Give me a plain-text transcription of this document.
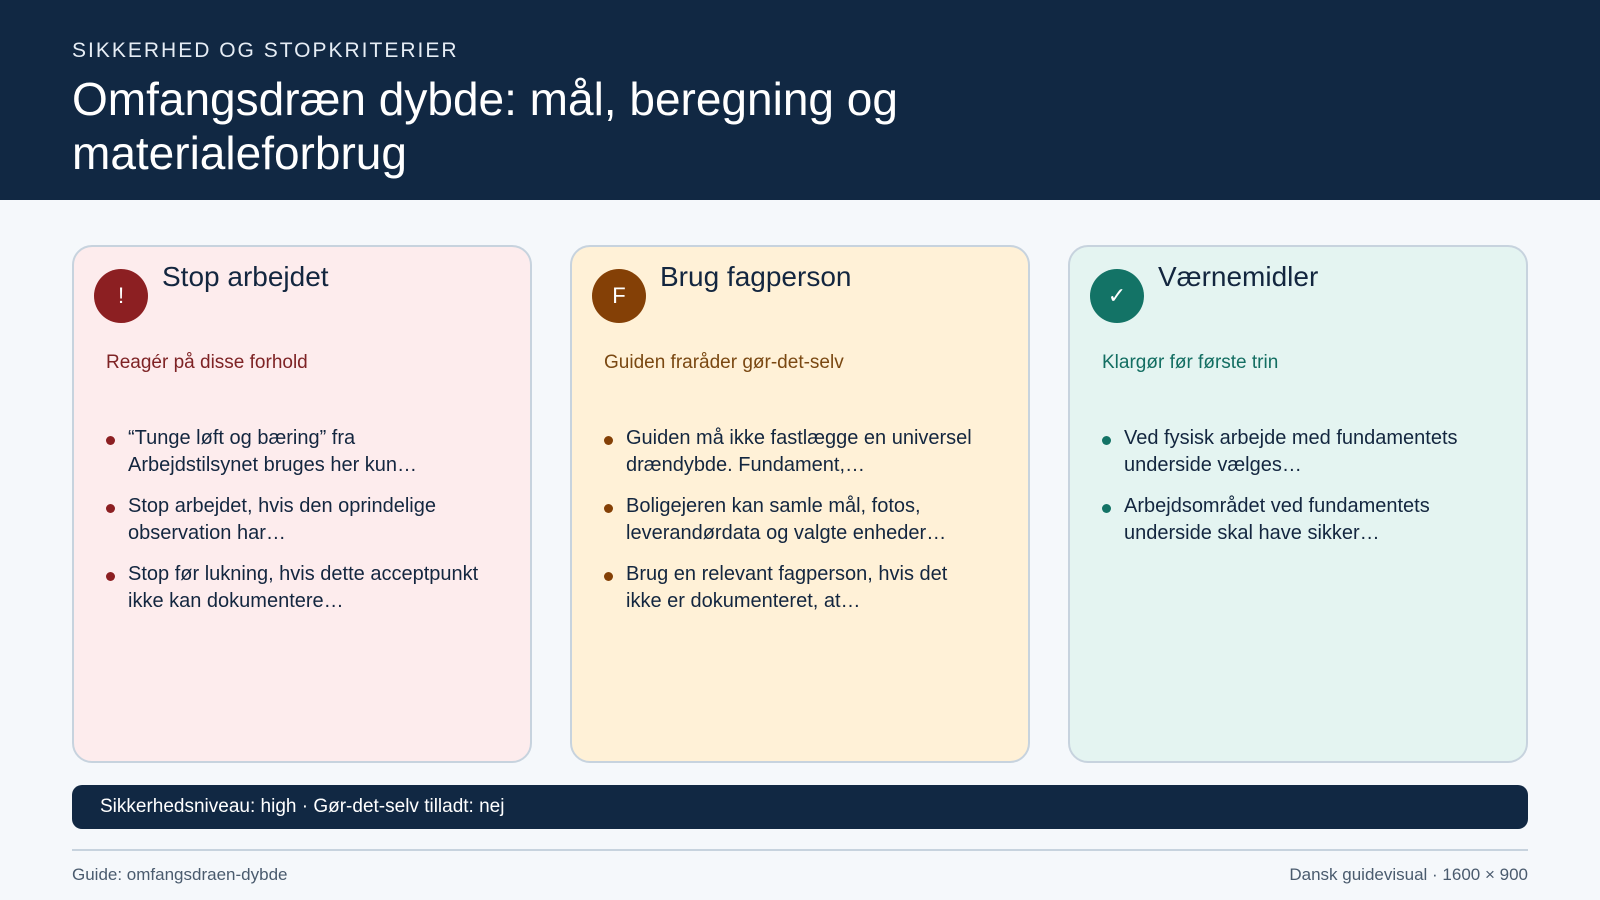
SIKKERHED OG STOPKRITERIER
Omfangsdræn dybde: mål, beregning og materialeforbrug
!
Stop arbejdet
Reagér på disse forhold
“Tunge løft og bæring” fra Arbejdstilsynet bruges her kun…
Stop arbejdet, hvis den oprindelige observation har…
Stop før lukning, hvis dette acceptpunkt ikke kan dokumentere…
F
Brug fagperson
Guiden fraråder gør-det-selv
Guiden må ikke fastlægge en universel drændybde. Fundament,…
Boligejeren kan samle mål, fotos, leverandørdata og valgte enheder…
Brug en relevant fagperson, hvis det ikke er dokumenteret, at…
✓
Værnemidler
Klargør før første trin
Ved fysisk arbejde med fundamentets underside vælges…
Arbejdsområdet ved fundamentets underside skal have sikker…
Sikkerhedsniveau: high · Gør-det-selv tilladt: nej
Guide: omfangsdraen-dybde	Dansk guidevisual · 1600 × 900
